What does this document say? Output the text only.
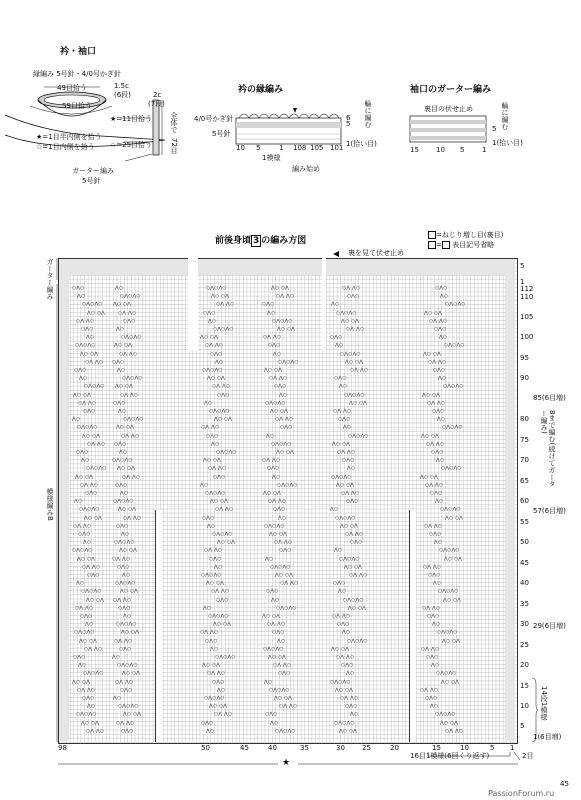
衿・袖口
縁編み 5号針・4/0号かぎ針
49目拾う	1.5c
(6段)
59目拾う
2c
(7段)
★=11目拾う	全体で
72目
★=1目半内側を拾う
☆=1目内側を拾う ☆=25目拾う
ガーター編み
5号針
衿の縁編み
4/0号かぎ針
5号針
6
5 輪に編む
1(拾い目)
5	1 108 105 101
10
1模様
編み始め
袖口のガーター編み
裏目の伏せ止め	輪に編む
5
1(拾い目)
15 10 5	1
前後身頃 3 の編み方図
=ねじり増し目(裏目)
= 表目記号省略
裏を見て伏せ止め
○⋀○	⋀○	○⋀○⋀○	⋀○ ○⋀	○⋀ ⋀○	○⋀○
⋀○	○⋀○⋀○	⋀○ ○⋀	○⋀ ⋀○	○⋀○	⋀○
○⋀○⋀○ ⋀○ ○⋀	○⋀ ⋀○	○⋀○	⋀○	○⋀○⋀○
⋀○ ○⋀	○⋀ ⋀○	○⋀○	⋀○	○⋀○⋀○	⋀○ ○⋀
○⋀ ⋀○	○⋀○	⋀○	○⋀○⋀○	⋀○ ○⋀	○⋀ ⋀○
○⋀○	⋀○	○⋀○⋀○	⋀○ ○⋀	○⋀ ⋀○	○⋀○
⋀○	○⋀○⋀○	⋀○ ○⋀	○⋀ ⋀○	○⋀○	⋀○
○⋀○⋀○	⋀○ ○⋀	○⋀ ⋀○	○⋀○	⋀○	○⋀○⋀○
⋀○ ○⋀	○⋀ ⋀○	○⋀○	⋀○	○⋀○⋀○	⋀○ ○⋀
○⋀ ⋀○ ○⋀○	⋀○	○⋀○⋀○	⋀○ ○⋀	○⋀ ⋀○
○⋀○	⋀○	○⋀○⋀○	⋀○ ○⋀	○⋀ ⋀○	○⋀○
⋀○	○⋀○⋀○	⋀○ ○⋀	○⋀ ⋀○	○⋀○	⋀○
○⋀○⋀○ ⋀○ ○⋀	○⋀ ⋀○	○⋀○	⋀○	○⋀○⋀○
⋀○ ○⋀	○⋀ ⋀○	○⋀○	⋀○	○⋀○⋀○	⋀○ ○⋀
○⋀ ⋀○	○⋀○	⋀○	○⋀○⋀○	⋀○ ○⋀	○⋀ ⋀○
○⋀○	⋀○	○⋀○⋀○	⋀○ ○⋀	○⋀ ⋀○	○⋀○
⋀○	○⋀○⋀○	⋀○ ○⋀	○⋀ ⋀○	○⋀○	⋀○
○⋀○⋀○	⋀○ ○⋀	○⋀ ⋀○	○⋀○	⋀○	○⋀○⋀○
⋀○ ○⋀	○⋀ ⋀○	○⋀○	⋀○	○⋀○⋀○	⋀○ ○⋀
○⋀ ⋀○ ○⋀○	⋀○	○⋀○⋀○	⋀○ ○⋀	○⋀ ⋀○
○⋀○	⋀○	○⋀○⋀○	⋀○ ○⋀	○⋀ ⋀○	○⋀○
⋀○	○⋀○⋀○	⋀○ ○⋀	○⋀ ⋀○	○⋀○	⋀○
○⋀○⋀○ ⋀○ ○⋀	○⋀ ⋀○	○⋀○	⋀○	○⋀○⋀○
⋀○ ○⋀	○⋀ ⋀○	○⋀○	⋀○	○⋀○⋀○	⋀○ ○⋀
○⋀ ⋀○	○⋀○	⋀○	○⋀○⋀○	⋀○ ○⋀	○⋀ ⋀○
○⋀○	⋀○	○⋀○⋀○	⋀○ ○⋀	○⋀ ⋀○	○⋀○
⋀○	○⋀○⋀○	⋀○ ○⋀	○⋀ ⋀○	○⋀○	⋀○
○⋀○⋀○	⋀○ ○⋀	○⋀ ⋀○	○⋀○	⋀○	○⋀○⋀○
⋀○ ○⋀	○⋀ ⋀○	○⋀○	⋀○	○⋀○⋀○	⋀○ ○⋀
○⋀ ⋀○	○⋀○	⋀○	○⋀○⋀○	⋀○ ○⋀	○⋀ ⋀○
○⋀○	⋀○	○⋀○⋀○	⋀○ ○⋀	○⋀ ⋀○	○⋀○
⋀○	○⋀○⋀○	⋀○ ○⋀	○⋀ ⋀○	○⋀○	⋀○
○⋀○⋀○	⋀○ ○⋀	○⋀ ⋀○	○⋀○	⋀○	○⋀○⋀○
⋀○ ○⋀	○⋀ ⋀○	○⋀○	⋀○	○⋀○⋀○	⋀○ ○⋀
○⋀ ⋀○	○⋀○	⋀○	○⋀○⋀○	⋀○ ○⋀	○⋀ ⋀○
○⋀○	⋀○	○⋀○⋀○	⋀○ ○⋀	○⋀ ⋀○	○⋀○
⋀○	○⋀○⋀○	⋀○ ○⋀	○⋀ ⋀○	○⋀○	⋀○
○⋀○⋀○	⋀○ ○⋀	○⋀ ⋀○	○⋀○	⋀○	○⋀○⋀○
⋀○ ○⋀ ○⋀ ⋀○	○⋀○	⋀○	○⋀○⋀○	⋀○ ○⋀
○⋀ ⋀○	○⋀○	⋀○	○⋀○⋀○	⋀○ ○⋀	○⋀ ⋀○
○⋀○	⋀○	○⋀○⋀○	⋀○ ○⋀	○⋀ ⋀○	○⋀○
⋀○	○⋀○⋀○	⋀○ ○⋀	○⋀ ⋀○	○⋀○	⋀○
○⋀○⋀○	⋀○ ○⋀	○⋀ ⋀○	○⋀○	⋀○	○⋀○⋀○
⋀○ ○⋀	○⋀ ⋀○	○⋀○	⋀○	○⋀○⋀○	⋀○ ○⋀
○⋀ ⋀○	○⋀○	⋀○	○⋀○⋀○	⋀○ ○⋀	○⋀ ⋀○
○⋀○	⋀○	○⋀○⋀○	⋀○ ○⋀	○⋀ ⋀○	○⋀○
⋀○	○⋀○⋀○	⋀○ ○⋀	○⋀ ⋀○	○⋀○	⋀○
○⋀○⋀○	⋀○ ○⋀	○⋀ ⋀○	○⋀○	⋀○	○⋀○⋀○
⋀○ ○⋀	○⋀ ⋀○	○⋀○	⋀○	○⋀○⋀○	⋀○ ○⋀
○⋀ ⋀○	○⋀○	⋀○	○⋀○⋀○	⋀○ ○⋀	○⋀ ⋀○
○⋀○	⋀○	○⋀○⋀○	⋀○ ○⋀	○⋀ ⋀○	○⋀○
⋀○	○⋀○⋀○	⋀○ ○⋀	○⋀ ⋀○	○⋀○	⋀○
○⋀○⋀○	⋀○ ○⋀	○⋀ ⋀○	○⋀○	⋀○	○⋀○⋀○
⋀○ ○⋀	○⋀ ⋀○	○⋀○	⋀○	○⋀○⋀○	⋀○ ○⋀
○⋀ ⋀○	○⋀○	⋀○	○⋀○⋀○	⋀○ ○⋀	○⋀ ⋀○
ガーター編み
模様編みB
5
1
112
110
105
100
95
90
80
75
70
65
60
55
50
45
40
35
30
25
20
15
10
5
85(6目増)
57(6目増)
29(6目増)
1(6目増)
8まで編む(続けてガーター編み)
14段1模様
98	50	45	40	35	30 25	20	15	10	5 1
★
16目1模様(6回くり返す)	2目
45
PassionForum.ru
